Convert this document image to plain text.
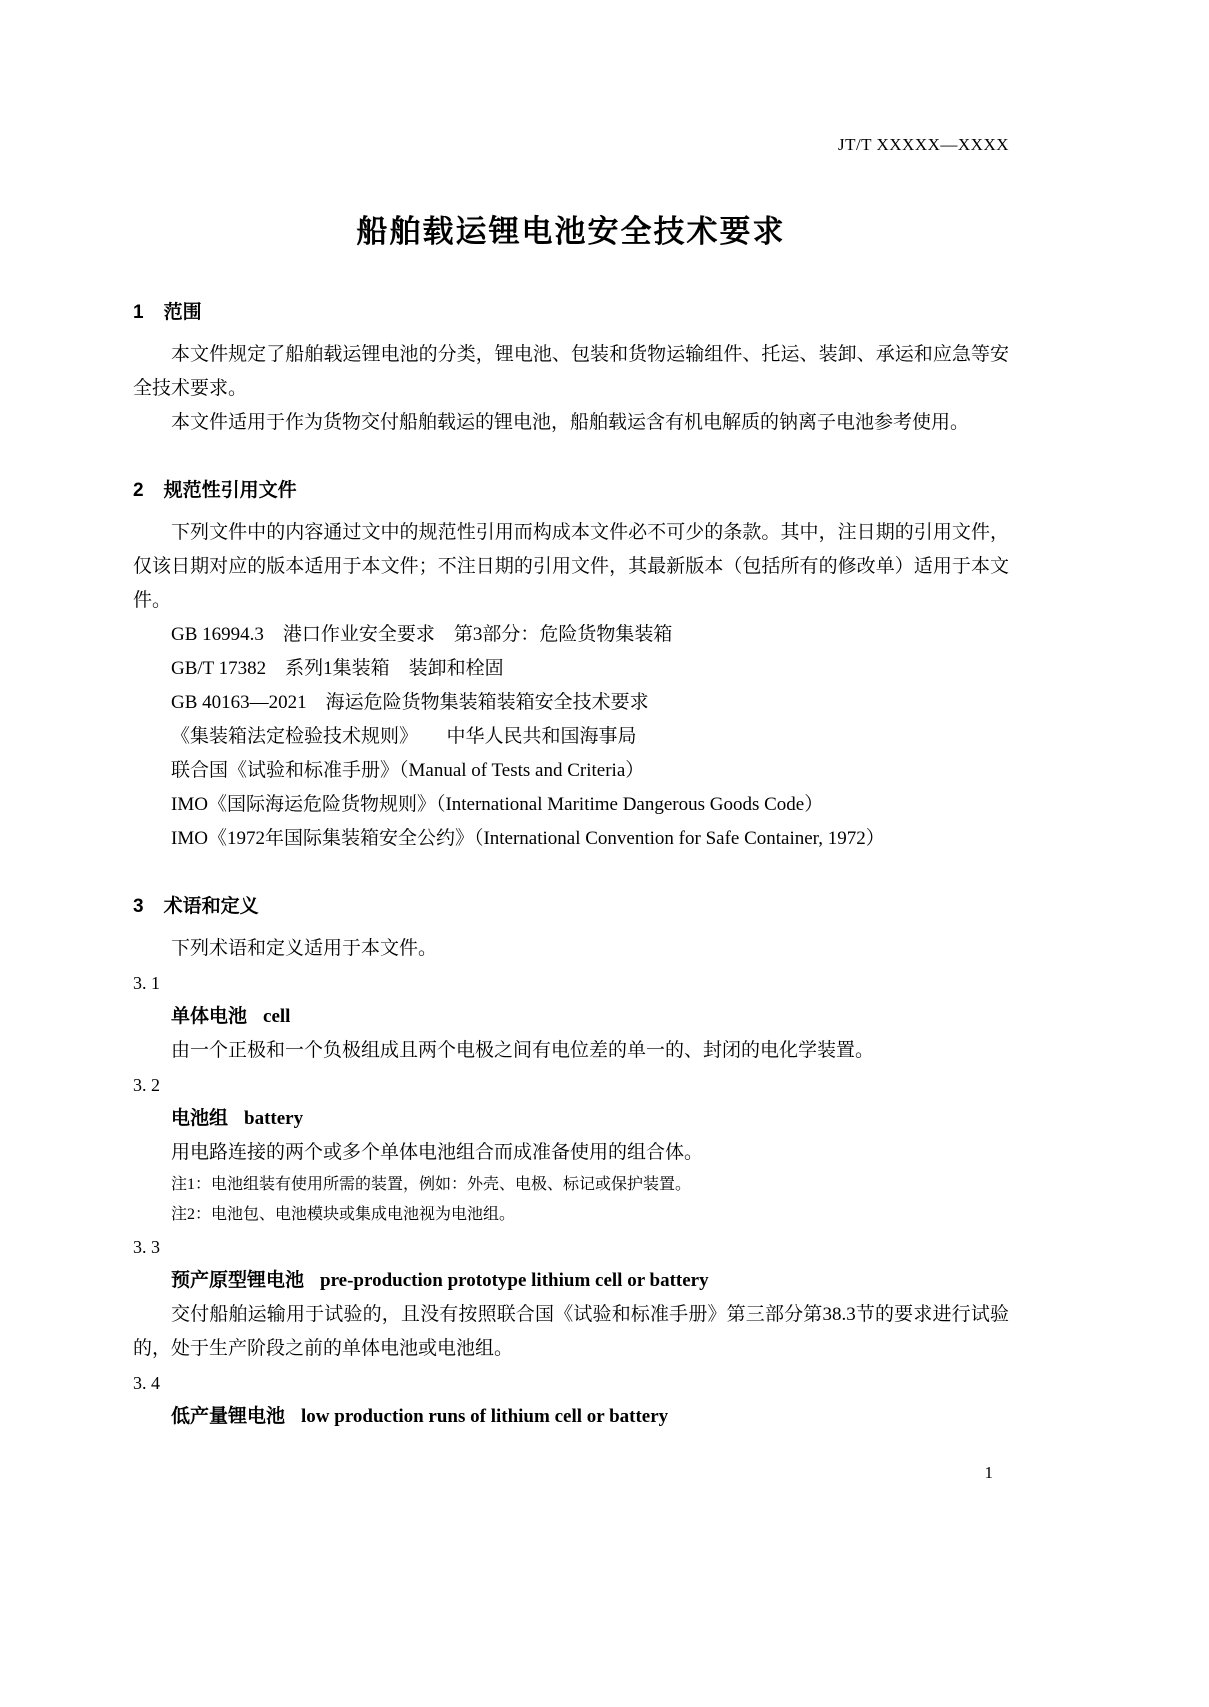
JT/T XXXXX—XXXX
船舶载运锂电池安全技术要求
1 范围

本文件规定了船舶载运锂电池的分类，锂电池、包装和货物运输组件、托运、装卸、承运和应急等安全技术要求。

本文件适用于作为货物交付船舶载运的锂电池，船舶载运含有机电解质的钠离子电池参考使用。

2 规范性引用文件

下列文件中的内容通过文中的规范性引用而构成本文件必不可少的条款。其中，注日期的引用文件，仅该日期对应的版本适用于本文件；不注日期的引用文件，其最新版本（包括所有的修改单）适用于本文件。

GB 16994.3　港口作业安全要求　第3部分：危险货物集装箱
GB/T 17382　系列1集装箱　装卸和栓固
GB 40163—2021　海运危险货物集装箱装箱安全技术要求
《集装箱法定检验技术规则》　　中华人民共和国海事局
联合国《试验和标准手册》（Manual of Tests and Criteria）
IMO《国际海运危险货物规则》（International Maritime Dangerous Goods Code）
IMO《1972年国际集装箱安全公约》（International Convention for Safe Container, 1972）
3 术语和定义

下列术语和定义适用于本文件。

3. 1
单体电池 cell

由一个正极和一个负极组成且两个电极之间有电位差的单一的、封闭的电化学装置。

3. 2
电池组 battery

用电路连接的两个或多个单体电池组合而成准备使用的组合体。

注1：电池组装有使用所需的装置，例如：外壳、电极、标记或保护装置。

注2：电池包、电池模块或集成电池视为电池组。

3. 3
预产原型锂电池 pre-production prototype lithium cell or battery

交付船舶运输用于试验的，且没有按照联合国《试验和标准手册》第三部分第38.3节的要求进行试验的，处于生产阶段之前的单体电池或电池组。

3. 4
低产量锂电池 low production runs of lithium cell or battery
1
